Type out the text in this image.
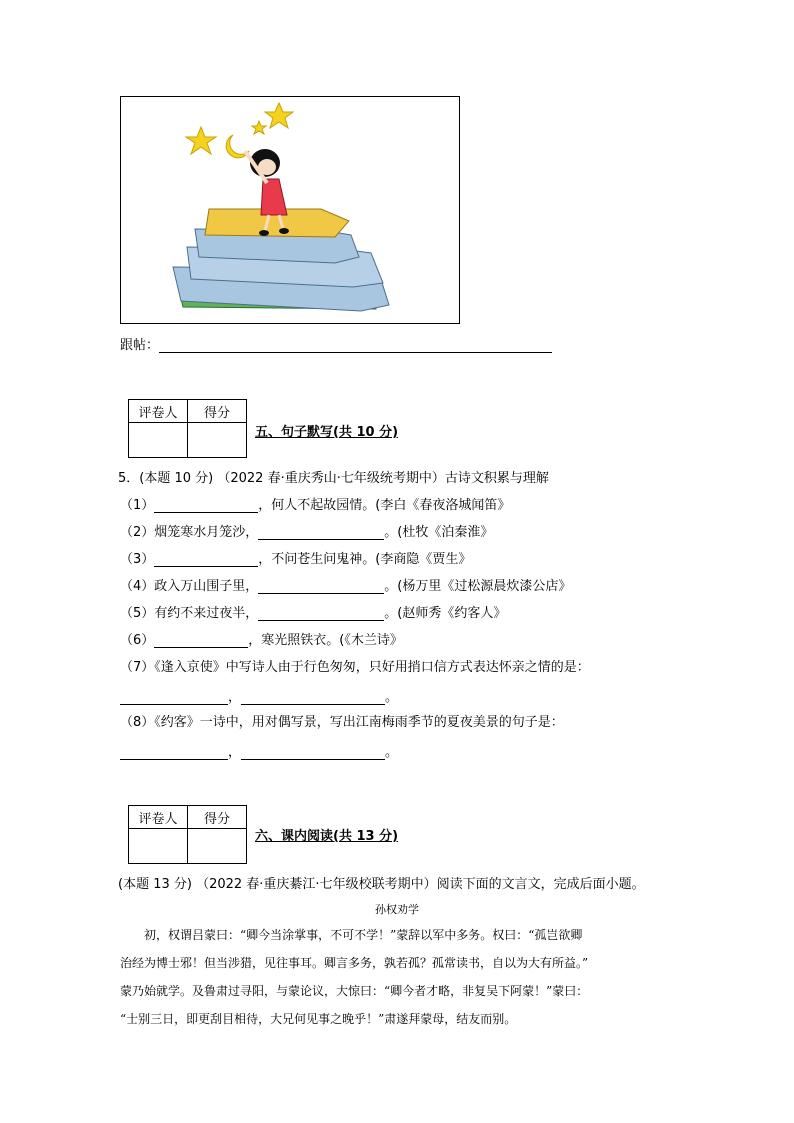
跟帖：
评卷人	得分

五、句子默写(共 10 分)
5．(本题 10 分) （2022 春·重庆秀山·七年级统考期中）古诗文积累与理解
（1）	，何人不起故园情。(李白《春夜洛城闻笛》
（2）烟笼寒水月笼沙，	。(杜牧《泊秦淮》
（3）	，不问苍生问鬼神。(李商隐《贾生》
（4）政入万山围子里，	。(杨万里《过松源晨炊漆公店》
（5）有约不来过夜半，	。(赵师秀《约客人》
（6）	，寒光照铁衣。(《木兰诗》
（7）《逢入京使》中写诗人由于行色匆匆，只好用捎口信方式表达怀亲之情的是：
，	。
（8）《约客》一诗中，用对偶写景，写出江南梅雨季节的夏夜美景的句子是：
，	。
评卷人	得分

六、课内阅读(共 13 分)
(本题 13 分) （2022 春·重庆綦江·七年级校联考期中）阅读下面的文言文，完成后面小题。
孙权劝学
　　初，权谓吕蒙曰：“卿今当涂掌事，不可不学！”蒙辞以军中多务。权曰：“孤岂欲卿
治经为博士邪！但当涉猎，见往事耳。卿言多务，孰若孤？孤常读书，自以为大有所益。”
蒙乃始就学。及鲁肃过寻阳，与蒙论议，大惊曰：“卿今者才略，非复吴下阿蒙！”蒙曰：
“士别三日，即更刮目相待，大兄何见事之晚乎！”肃遂拜蒙母，结友而别。
